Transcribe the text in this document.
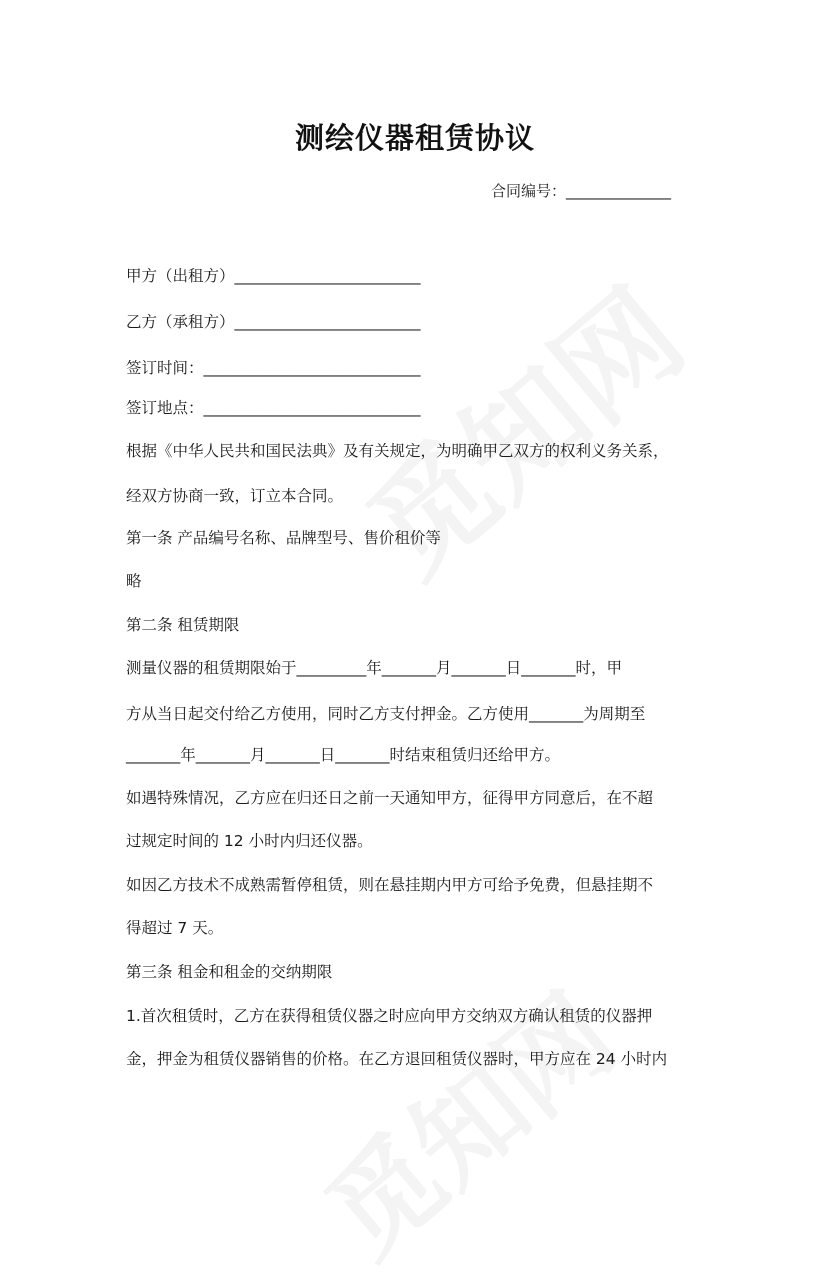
测绘仪器租赁协议
合同编号：______________
甲方（出租方）________________________
乙方（承租方）________________________
签订时间：____________________________
签订地点：____________________________
根据《中华人民共和国民法典》及有关规定，为明确甲乙双方的权利义务关系，
经双方协商一致，订立本合同。
第一条 产品编号名称、品牌型号、售价租价等
略
第二条 租赁期限
测量仪器的租赁期限始于_________年_______月_______日_______时，甲
方从当日起交付给乙方使用，同时乙方支付押金。乙方使用_______为周期至
_______年_______月_______日_______时结束租赁归还给甲方。
如遇特殊情况，乙方应在归还日之前一天通知甲方，征得甲方同意后，在不超
过规定时间的 12 小时内归还仪器。
如因乙方技术不成熟需暂停租赁，则在悬挂期内甲方可给予免费，但悬挂期不
得超过 7 天。
第三条 租金和租金的交纳期限
1.首次租赁时，乙方在获得租赁仪器之时应向甲方交纳双方确认租赁的仪器押
金，押金为租赁仪器销售的价格。在乙方退回租赁仪器时，甲方应在 24 小时内
